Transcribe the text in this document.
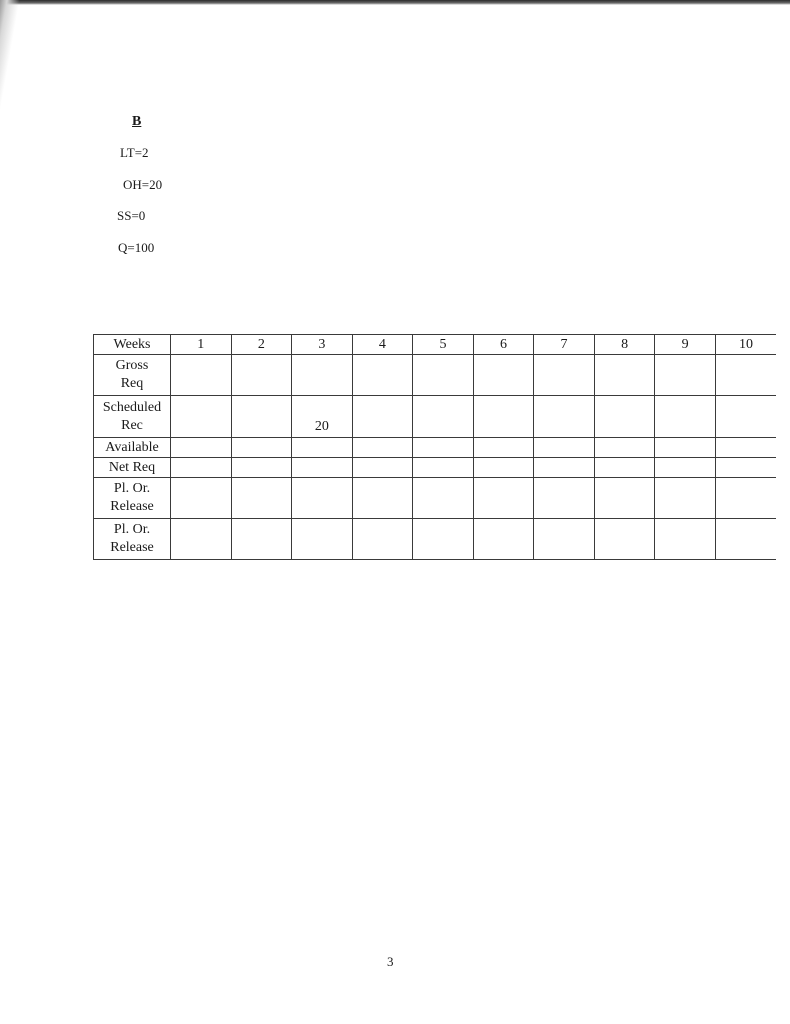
B
LT=2
OH=20
SS=0
Q=100
Weeks	1	2	3	4	5	6	7	8	9	10
Gross
Req										
Scheduled
Rec			20							
Available										
Net Req										
Pl. Or.
Release										
Pl. Or.
Release										
3
